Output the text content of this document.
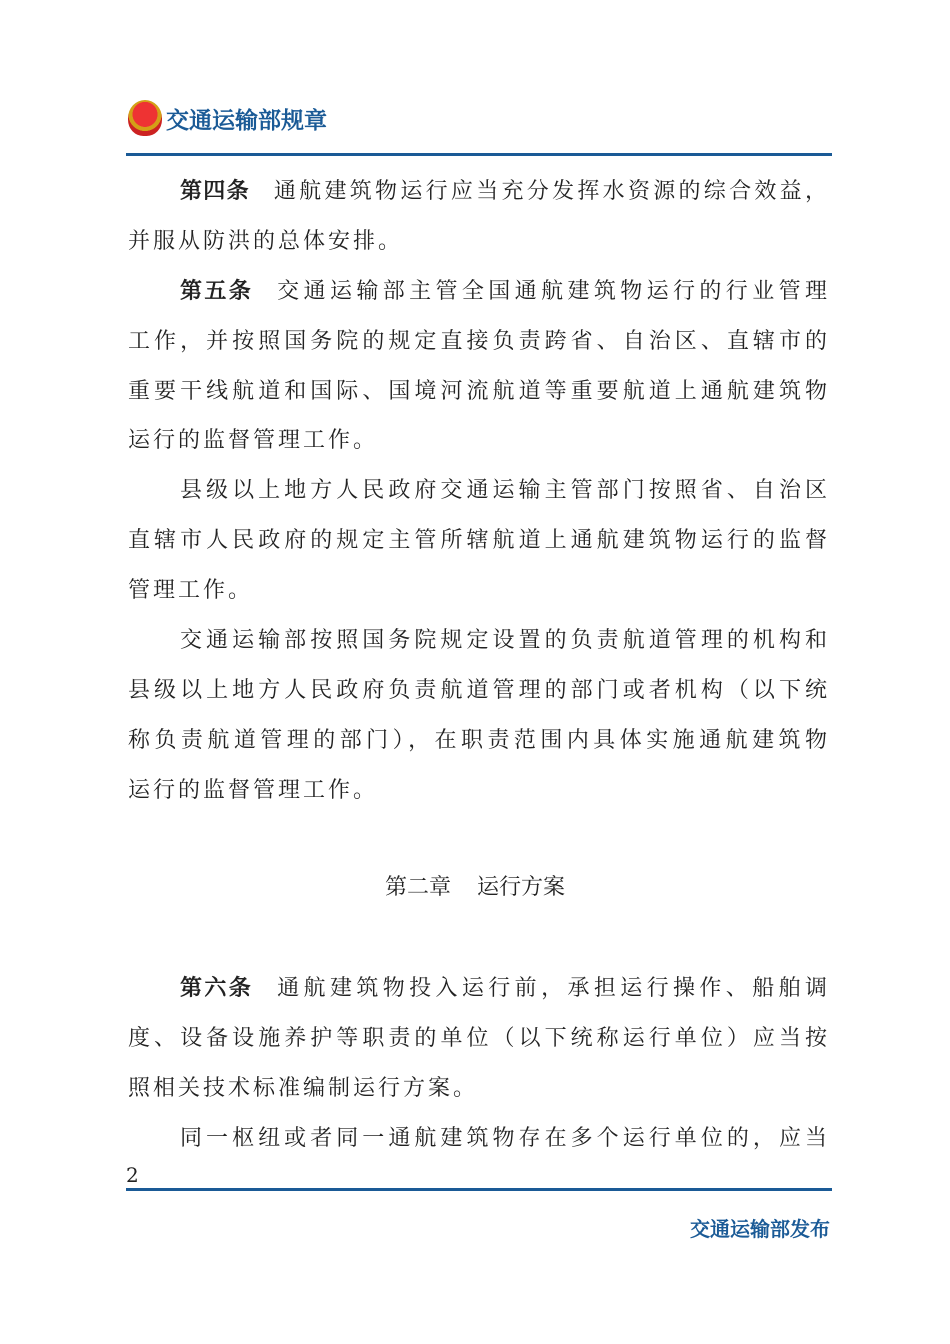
交通运输部规章
第四条 通航建筑物运行应当充分发挥水资源的综合效益，
并服从防洪的总体安排。
第五条 交通运输部主管全国通航建筑物运行的行业管理
工作，并按照国务院的规定直接负责跨省、自治区、直辖市的
重要干线航道和国际、国境河流航道等重要航道上通航建筑物
运行的监督管理工作。
县级以上地方人民政府交通运输主管部门按照省、自治区
直辖市人民政府的规定主管所辖航道上通航建筑物运行的监督
管理工作。
交通运输部按照国务院规定设置的负责航道管理的机构和
县级以上地方人民政府负责航道管理的部门或者机构（以下统
称负责航道管理的部门），在职责范围内具体实施通航建筑物
运行的监督管理工作。
第二章 运行方案
第六条 通航建筑物投入运行前，承担运行操作、船舶调
度、设备设施养护等职责的单位（以下统称运行单位）应当按
照相关技术标准编制运行方案。
同一枢纽或者同一通航建筑物存在多个运行单位的，应当
2
交通运输部发布
